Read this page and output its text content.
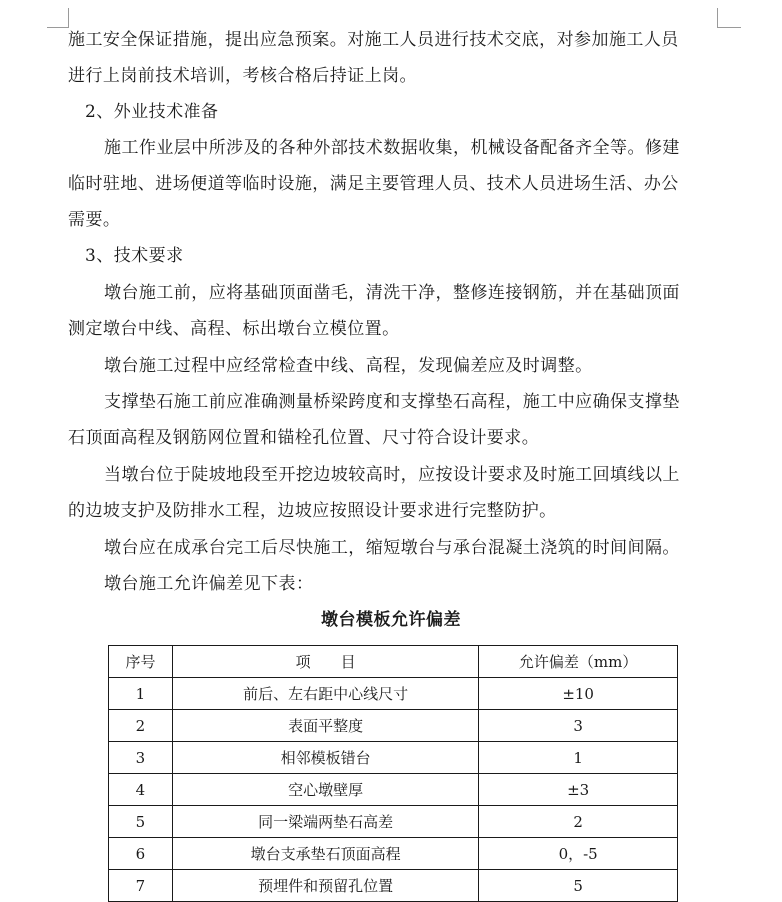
施工安全保证措施，提出应急预案。对施工人员进行技术交底，对参加施工人员
进行上岗前技术培训，考核合格后持证上岗。
2、外业技术准备
施工作业层中所涉及的各种外部技术数据收集，机械设备配备齐全等。修建
临时驻地、进场便道等临时设施，满足主要管理人员、技术人员进场生活、办公
需要。
3、技术要求
墩台施工前，应将基础顶面凿毛，清洗干净，整修连接钢筋，并在基础顶面
测定墩台中线、高程、标出墩台立模位置。
墩台施工过程中应经常检查中线、高程，发现偏差应及时调整。
支撑垫石施工前应准确测量桥梁跨度和支撑垫石高程，施工中应确保支撑垫
石顶面高程及钢筋网位置和锚栓孔位置、尺寸符合设计要求。
当墩台位于陡坡地段至开挖边坡较高时，应按设计要求及时施工回填线以上
的边坡支护及防排水工程，边坡应按照设计要求进行完整防护。
墩台应在成承台完工后尽快施工，缩短墩台与承台混凝土浇筑的时间间隔。
墩台施工允许偏差见下表：
墩台模板允许偏差
序号	项　　目	允许偏差（mm）
1	前后、左右距中心线尺寸	±10
2	表面平整度	3
3	相邻模板错台	1
4	空心墩壁厚	±3
5	同一梁端两垫石高差	2
6	墩台支承垫石顶面高程	0，-5
7	预埋件和预留孔位置	5
